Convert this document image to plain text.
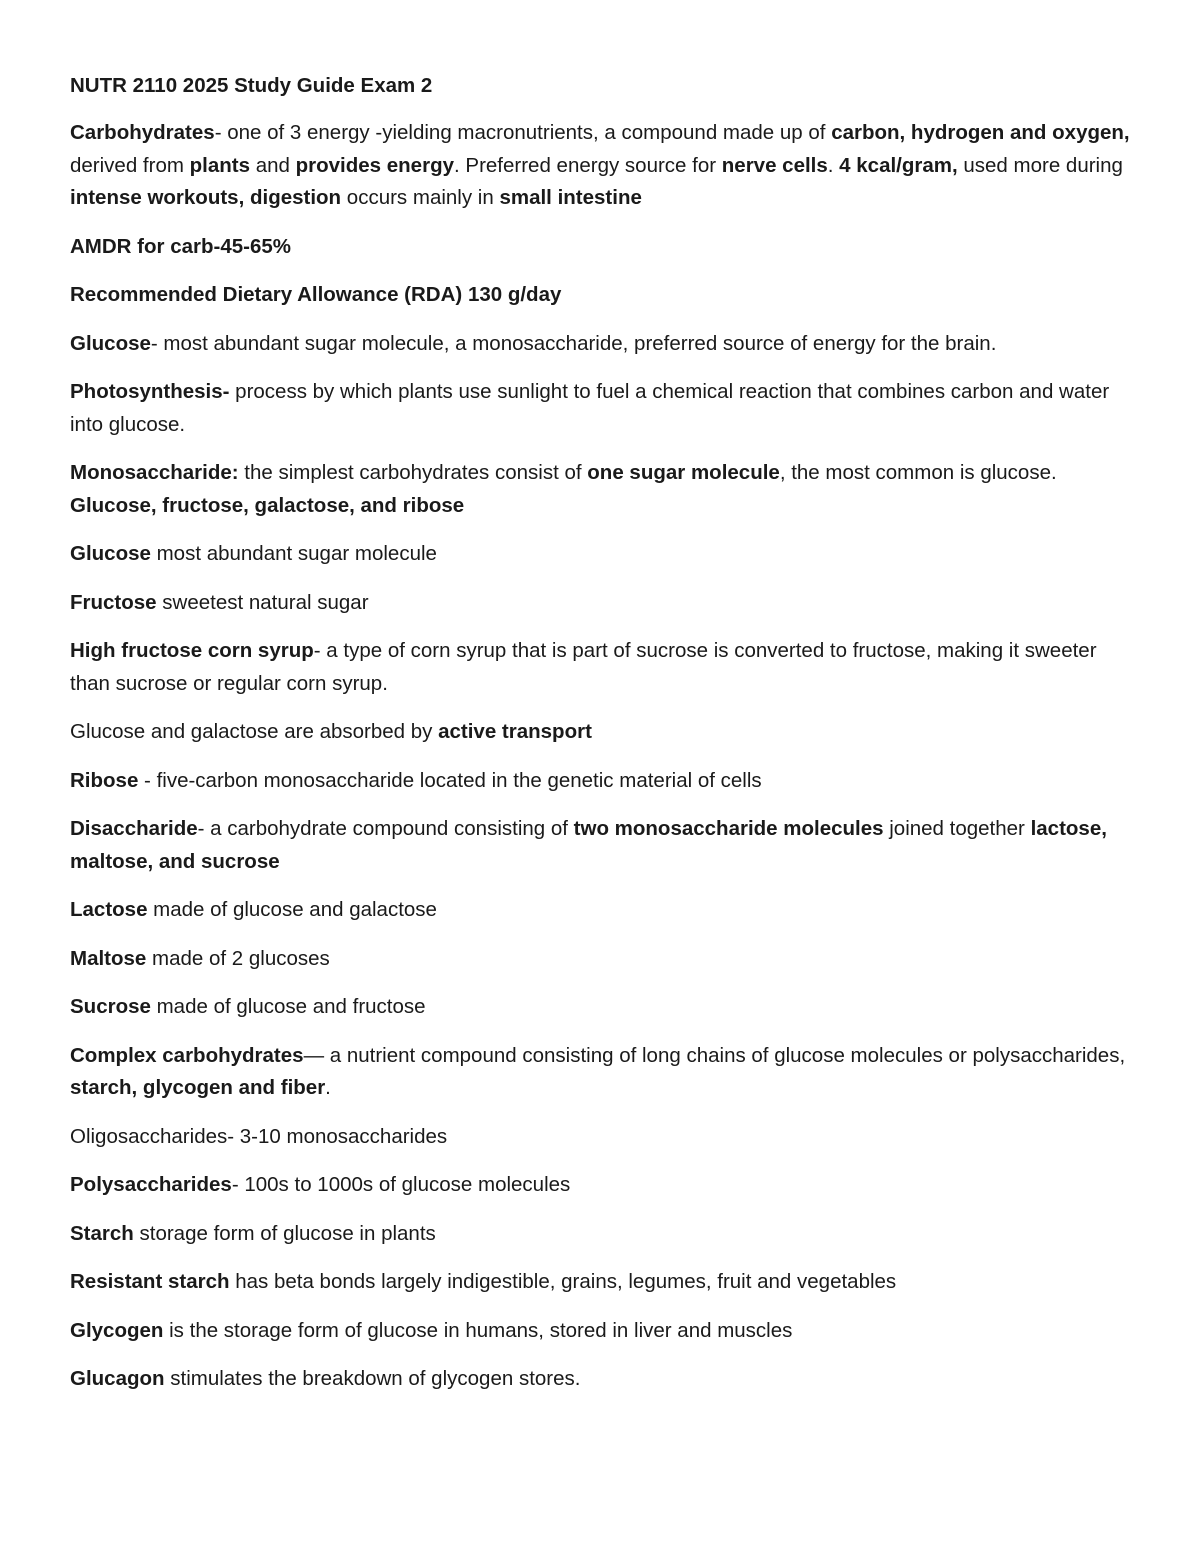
NUTR 2110 2025 Study Guide Exam 2

Carbohydrates- one of 3 energy -yielding macronutrients, a compound made up of carbon, hydrogen and oxygen, derived from plants and provides energy. Preferred energy source for nerve cells. 4 kcal/gram, used more during intense workouts, digestion occurs mainly in small intestine

AMDR for carb-45-65%

Recommended Dietary Allowance (RDA) 130 g/day

Glucose- most abundant sugar molecule, a monosaccharide, preferred source of energy for the brain.

Photosynthesis- process by which plants use sunlight to fuel a chemical reaction that combines carbon and water into glucose.

Monosaccharide: the simplest carbohydrates consist of one sugar molecule, the most common is glucose. Glucose, fructose, galactose, and ribose

Glucose most abundant sugar molecule

Fructose sweetest natural sugar

High fructose corn syrup- a type of corn syrup that is part of sucrose is converted to fructose, making it sweeter than sucrose or regular corn syrup.

Glucose and galactose are absorbed by active transport

Ribose - five-carbon monosaccharide located in the genetic material of cells

Disaccharide- a carbohydrate compound consisting of two monosaccharide molecules joined together lactose, maltose, and sucrose

Lactose made of glucose and galactose

Maltose made of 2 glucoses

Sucrose made of glucose and fructose

Complex carbohydrates— a nutrient compound consisting of long chains of glucose molecules or polysaccharides, starch, glycogen and fiber.

Oligosaccharides- 3-10 monosaccharides

Polysaccharides- 100s to 1000s of glucose molecules

Starch storage form of glucose in plants

Resistant starch has beta bonds largely indigestible, grains, legumes, fruit and vegetables

Glycogen is the storage form of glucose in humans, stored in liver and muscles

Glucagon stimulates the breakdown of glycogen stores.
